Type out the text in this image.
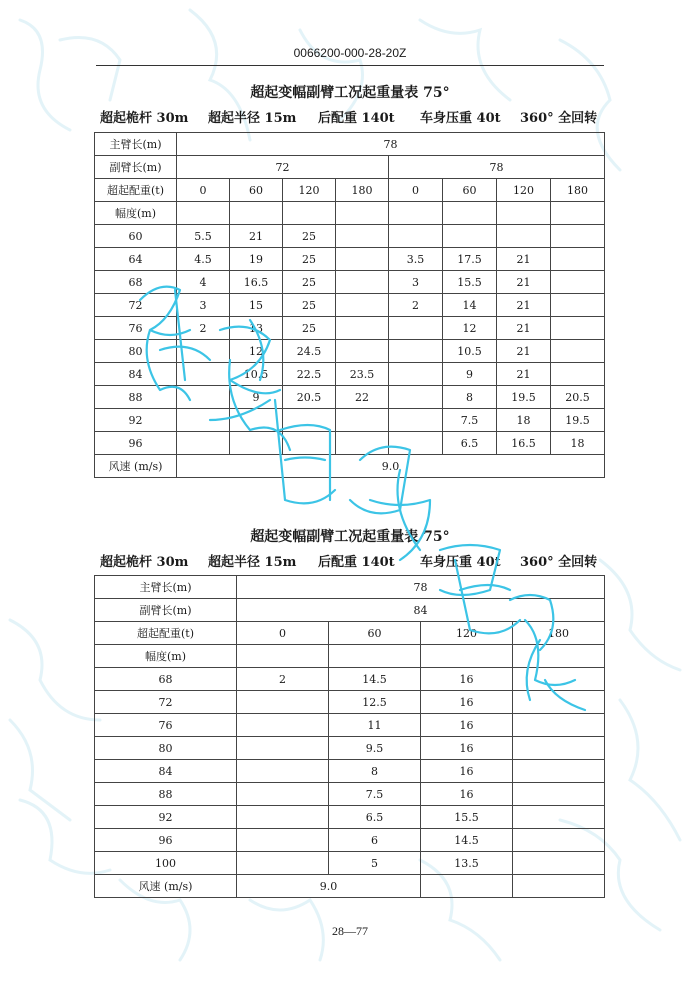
0066200-000-28-20Z
超起变幅副臂工况起重量表 75°
超起桅杆 30m 超起半径 15m 后配重 140t 车身压重 40t 360° 全回转
主臂长(m)	78							
副臂长(m)	72				78			
超起配重(t)	0	60	120	180	0	60	120	180
幅度(m)								
60	5.5	21	25					
64	4.5	19	25		3.5	17.5	21	
68	4	16.5	25		3	15.5	21	
72	3	15	25		2	14	21	
76	2	13	25			12	21	
80		12	24.5			10.5	21	
84		10.5	22.5	23.5		9	21	
88		9	20.5	22		8	19.5	20.5
92						7.5	18	19.5
96						6.5	16.5	18
风速 (m/s)	9.0							
超起变幅副臂工况起重量表 75°
超起桅杆 30m 超起半径 15m 后配重 140t 车身压重 40t 360° 全回转
主臂长(m)	78			
副臂长(m)	84			
超起配重(t)	0	60	120	180
幅度(m)				
68	2	14.5	16	
72		12.5	16	
76		11	16	
80		9.5	16	
84		8	16	
88		7.5	16	
92		6.5	15.5	
96		6	14.5	
100		5	13.5	
风速 (m/s)	9.0			
28—77
